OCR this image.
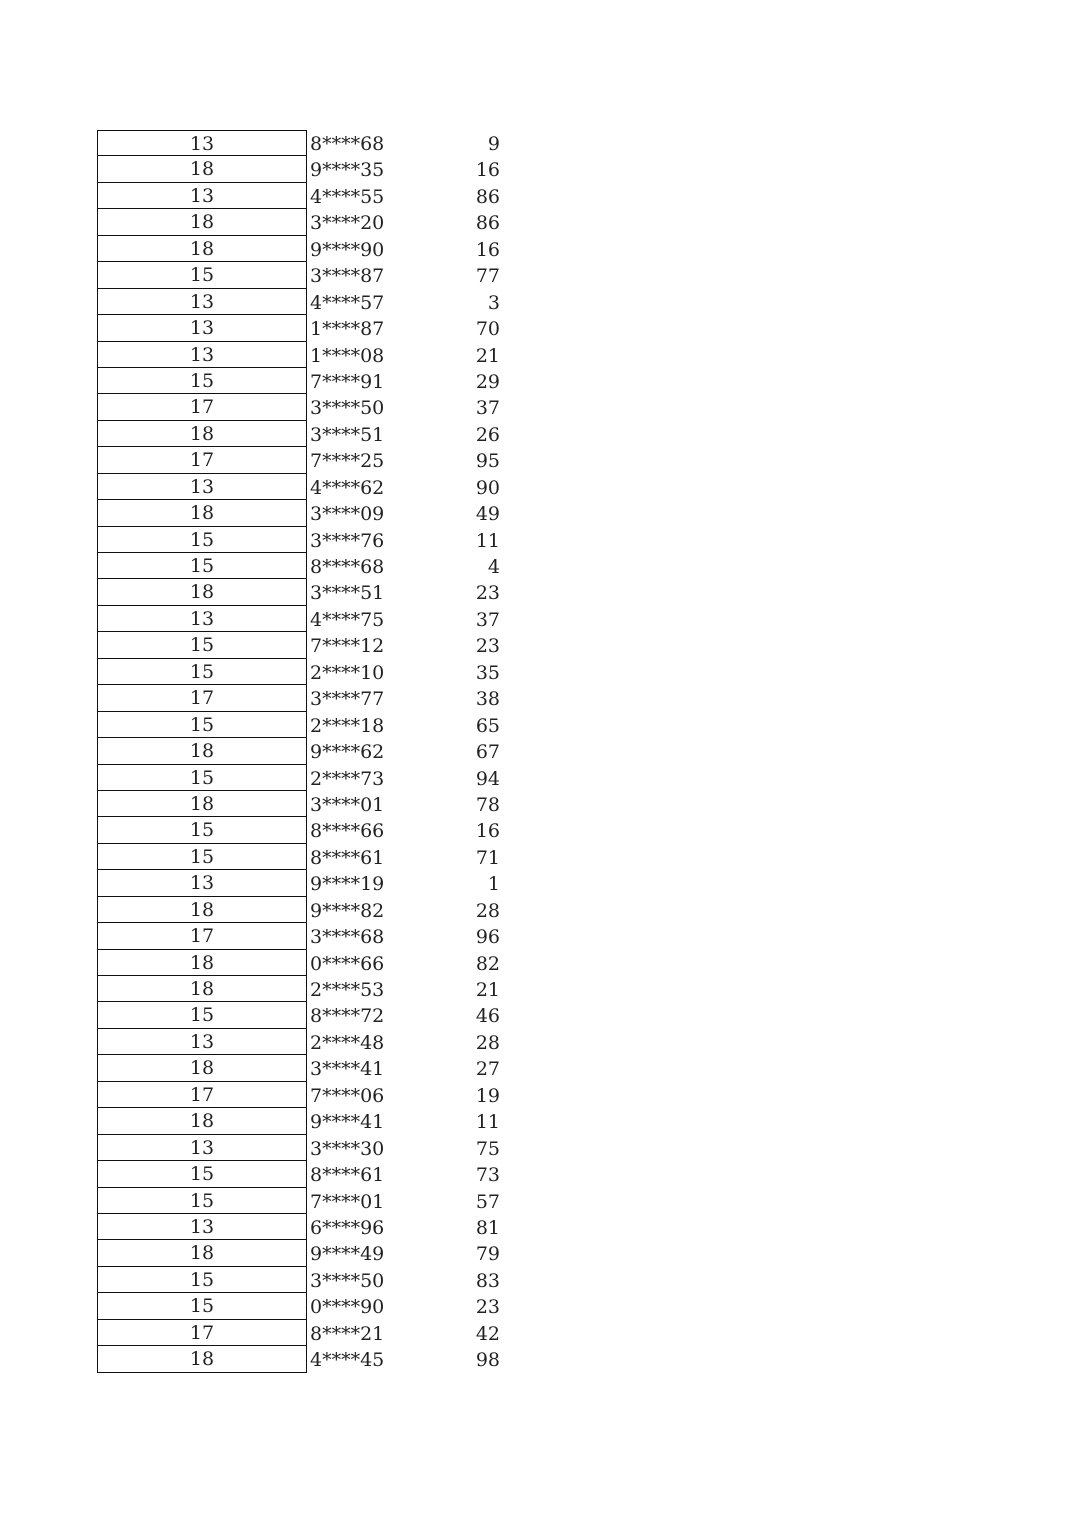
13	8****68	9
18	9****35	16
13	4****55	86
18	3****20	86
18	9****90	16
15	3****87	77
13	4****57	3
13	1****87	70
13	1****08	21
15	7****91	29
17	3****50	37
18	3****51	26
17	7****25	95
13	4****62	90
18	3****09	49
15	3****76	11
15	8****68	4
18	3****51	23
13	4****75	37
15	7****12	23
15	2****10	35
17	3****77	38
15	2****18	65
18	9****62	67
15	2****73	94
18	3****01	78
15	8****66	16
15	8****61	71
13	9****19	1
18	9****82	28
17	3****68	96
18	0****66	82
18	2****53	21
15	8****72	46
13	2****48	28
18	3****41	27
17	7****06	19
18	9****41	11
13	3****30	75
15	8****61	73
15	7****01	57
13	6****96	81
18	9****49	79
15	3****50	83
15	0****90	23
17	8****21	42
18	4****45	98
